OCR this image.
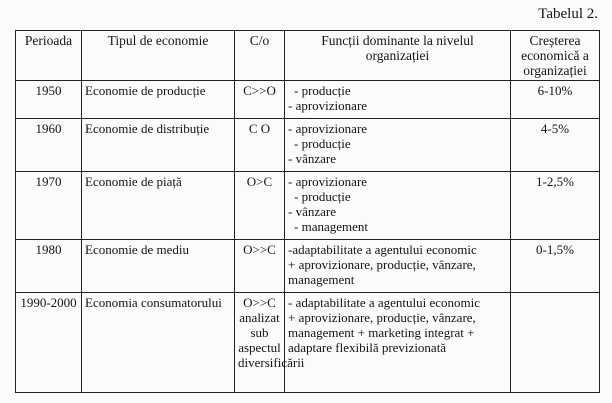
Tabelul 2.
Perioada	Tipul de economie	C/o	Funcții dominante la nivelul organizației	Creșterea economică a organizației
1950	Economie de producție	C>>O	- producție
- aprovizionare	6-10%
1960	Economie de distribuție	C O	- aprovizionare
- producție
- vânzare	4-5%
1970	Economie de piață	O>C	- aprovizionare
- producție
- vânzare
- management	1-2,5%
1980	Economie de mediu	O>>C	-adaptabilitate a agentului economic
+ aprovizionare, producție, vânzare,
management	0-1,5%
1990-2000	Economia consumatorului	O>>C analizat sub aspectul diversificării	- adaptabilitate a agentului economic
+ aprovizionare, producție, vânzare,
management + marketing integrat +
adaptare flexibilă previzionată	
